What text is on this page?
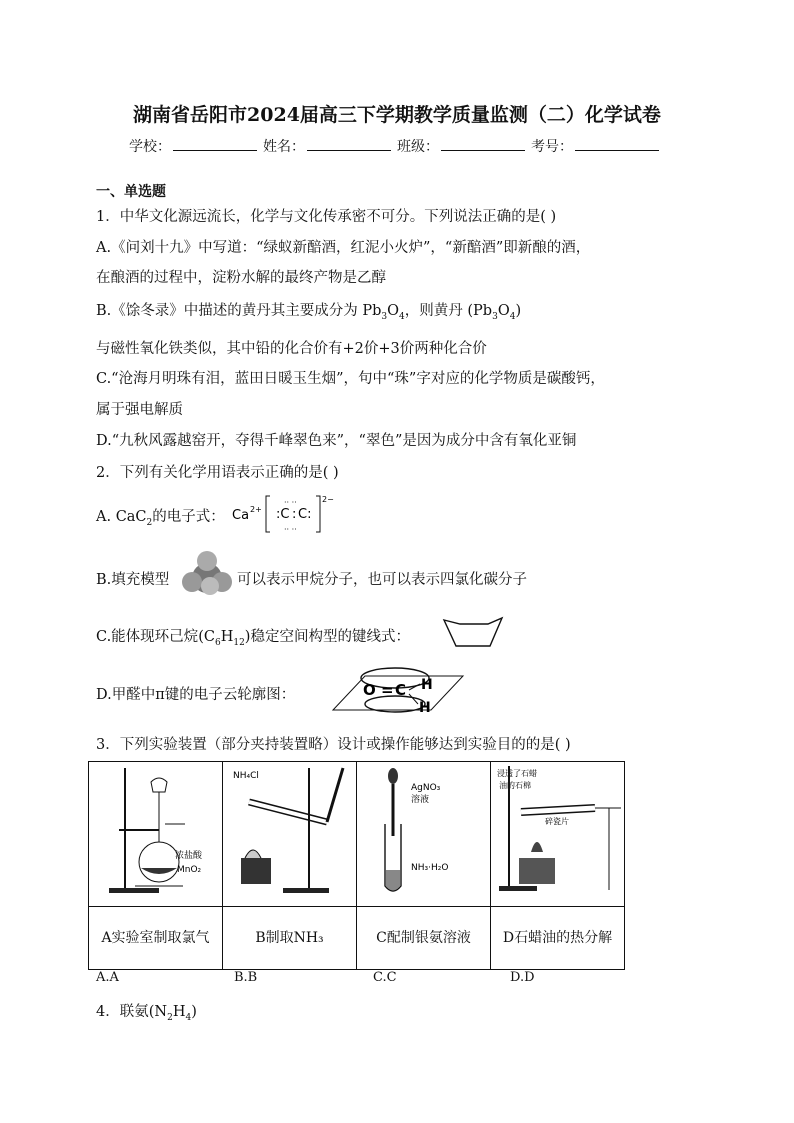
湖南省岳阳市2024届高三下学期教学质量监测（二）化学试卷
学校：	姓名：	班级：	考号：
一、单选题
1．中华文化源远流长，化学与文化传承密不可分。下列说法正确的是( )
A.《问刘十九》中写道：“绿蚁新醅酒，红泥小火炉”，“新醅酒”即新酿的酒，
在酿酒的过程中，淀粉水解的最终产物是乙醇
B.《馀冬录》中描述的黄丹其主要成分为 $Pb_3O_4$，则黄丹 $(Pb_3O_4)$
与磁性氧化铁类似，其中铅的化合价有+2价+3价两种化合价
C.“沧海月明珠有泪，蓝田日暖玉生烟”，句中“珠”字对应的化学物质是碳酸钙，
属于强电解质
D.“九秋风露越窑开，夺得千峰翠色来”，“翠色”是因为成分中含有氧化亚铜
2．下列有关化学用语表示正确的是( )
A. CaC$_2$的电子式： Ca 2+ :C : C:
·· ··
·· ··
2−
B.填充模型	可以表示甲烷分子，也可以表示四氯化碳分子
C.能体现环己烷$(C_6H_{12})$稳定空间构型的键线式：
D.甲醛中π键的电子云轮廓图：	O = C H
H
3．下列实验装置（部分夹持装置略）设计或操作能够达到实验目的的是( )
浓盐酸
MnO₂	NH₄Cl	AgNO₃
溶液
NH₃·H₂O	浸透了石蜡
油的石棉
碎瓷片

A实验室制取氯气	B制取NH₃	C配制银氨溶液	D石蜡油的热分解
A.A	B.B	C.C	D.D
4．联氨$(N_2H_4)$
